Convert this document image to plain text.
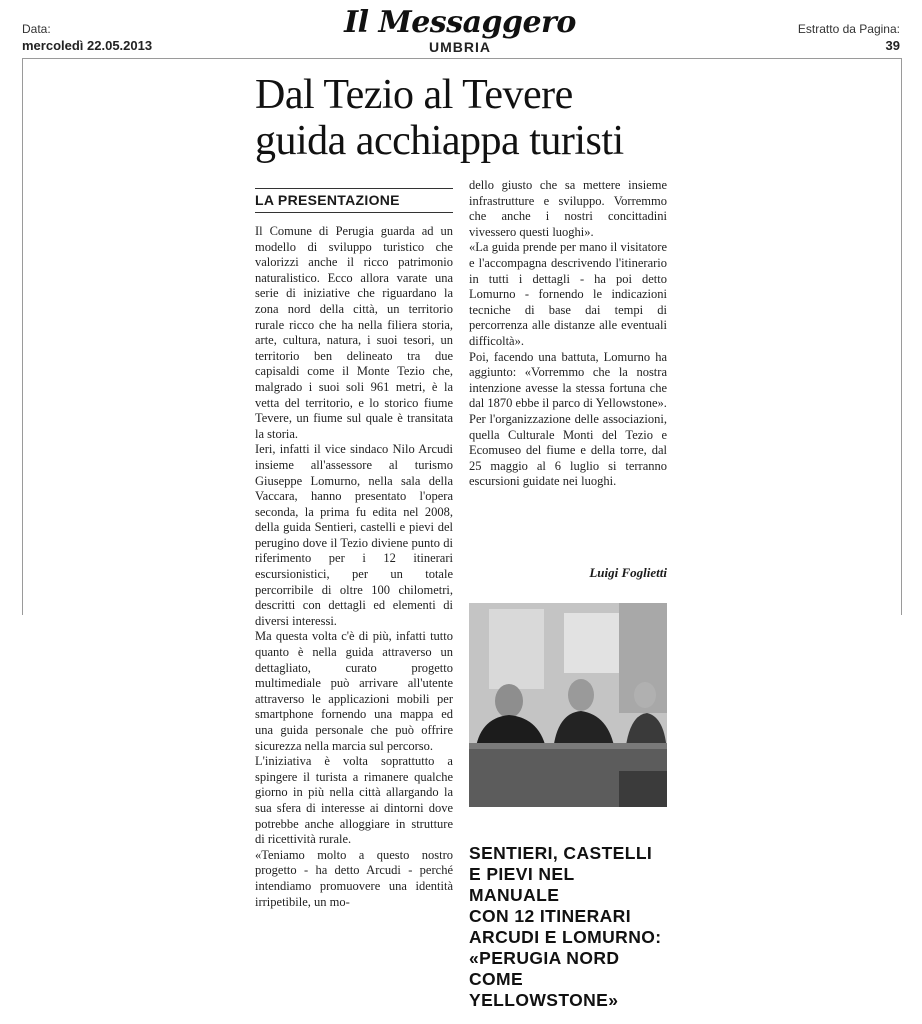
Data:
mercoledì 22.05.2013
Il Messaggero
UMBRIA
Estratto da Pagina:
39
Dal Tezio al Tevere
guida acchiappa turisti
LA PRESENTAZIONE

Il Comune di Perugia guarda ad un modello di sviluppo turistico che valorizzi anche il ricco patrimonio naturalistico. Ecco allora varate una serie di iniziative che riguardano la zona nord della città, un territorio rurale ricco che ha nella filiera storia, arte, cultura, natura, i suoi tesori, un territorio ben delineato tra due capisaldi come il Monte Tezio che, malgrado i suoi soli 961 metri, è la vetta del territorio, e lo storico fiume Tevere, un fiume sul quale è transitata la storia.

Ieri, infatti il vice sindaco Nilo Arcudi insieme all'assessore al turismo Giuseppe Lomurno, nella sala della Vaccara, hanno presentato l'opera seconda, la prima fu edita nel 2008, della guida Sentieri, castelli e pievi del perugino dove il Tezio diviene punto di riferimento per i 12 itinerari escursionistici, per un totale percorribile di oltre 100 chilometri, descritti con dettagli ed elementi di diversi interessi.

Ma questa volta c'è di più, infatti tutto quanto è nella guida attraverso un dettagliato, curato progetto multimediale può arrivare all'utente attraverso le applicazioni mobili per smartphone fornendo una mappa ed una guida personale che può offrire sicurezza nella marcia sul percorso.

L'iniziativa è volta soprattutto a spingere il turista a rimanere qualche giorno in più nella città allargando la sua sfera di interesse ai dintorni dove potrebbe anche alloggiare in strutture di ricettività rurale.

«Teniamo molto a questo nostro progetto - ha detto Arcudi - perché intendiamo promuovere una identità irripetibile, un mo-

dello giusto che sa mettere insieme infrastrutture e sviluppo. Vorremmo che anche i nostri concittadini vivessero questi luoghi».

«La guida prende per mano il visitatore e l'accompagna descrivendo l'itinerario in tutti i dettagli - ha poi detto Lomurno - fornendo le indicazioni tecniche di base dai tempi di percorrenza alle distanze alle eventuali difficoltà».

Poi, facendo una battuta, Lomurno ha aggiunto: «Vorremmo che la nostra intenzione avesse la stessa fortuna che dal 1870 ebbe il parco di Yellowstone».

Per l'organizzazione delle associazioni, quella Culturale Monti del Tezio e Ecomuseo del fiume e della torre, dal 25 maggio al 6 luglio si terranno escursioni guidate nei luoghi.

Luigi Foglietti
SENTIERI, CASTELLI
E PIEVI NEL MANUALE
CON 12 ITINERARI
ARCUDI E LOMURNO:
«PERUGIA NORD
COME YELLOWSTONE»
